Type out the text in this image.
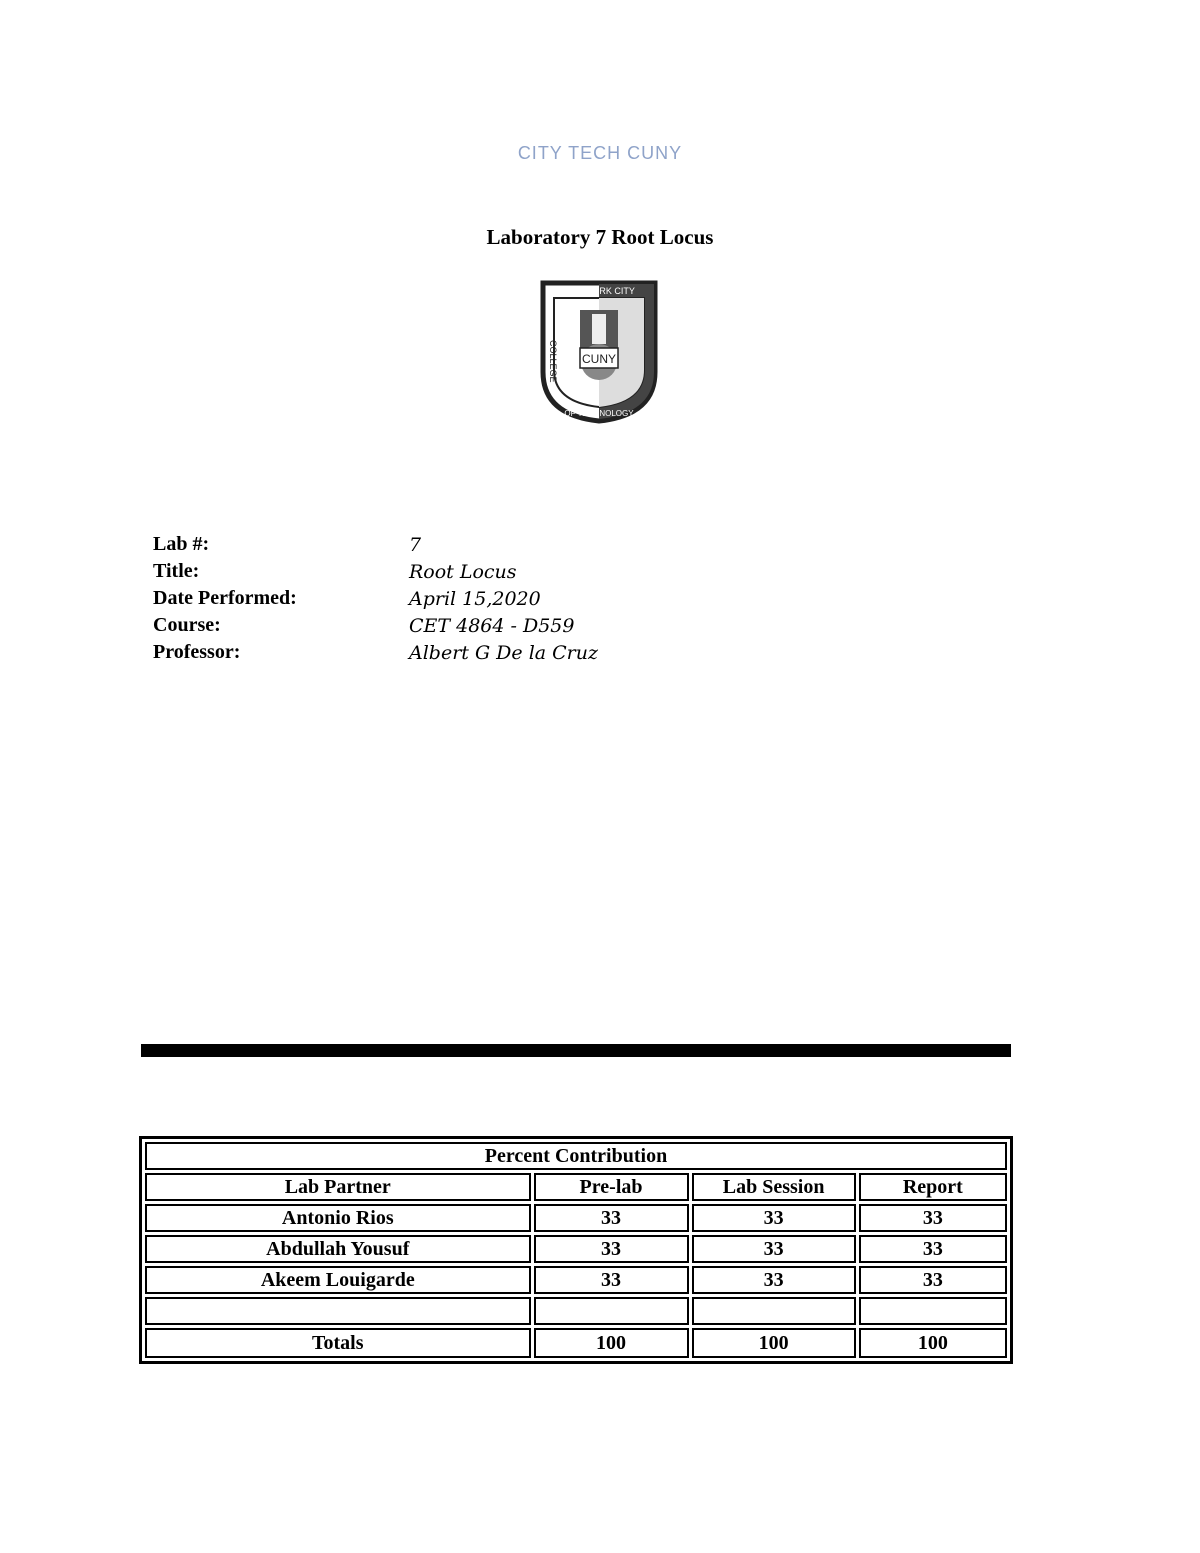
CITY TECH CUNY
Laboratory 7 Root Locus
CUNY
NEW YORK CITY
COLLEGE
OF TECHNOLOGY
Lab #:	7
Title:	Root Locus
Date Performed:	April 15,2020
Course:	CET 4864 - D559
Professor:	Albert G De la Cruz
Percent Contribution			
Lab Partner	Pre-lab	Lab Session	Report
Antonio Rios	33	33	33
Abdullah Yousuf	33	33	33
Akeem Louigarde	33	33	33

Totals	100	100	100
